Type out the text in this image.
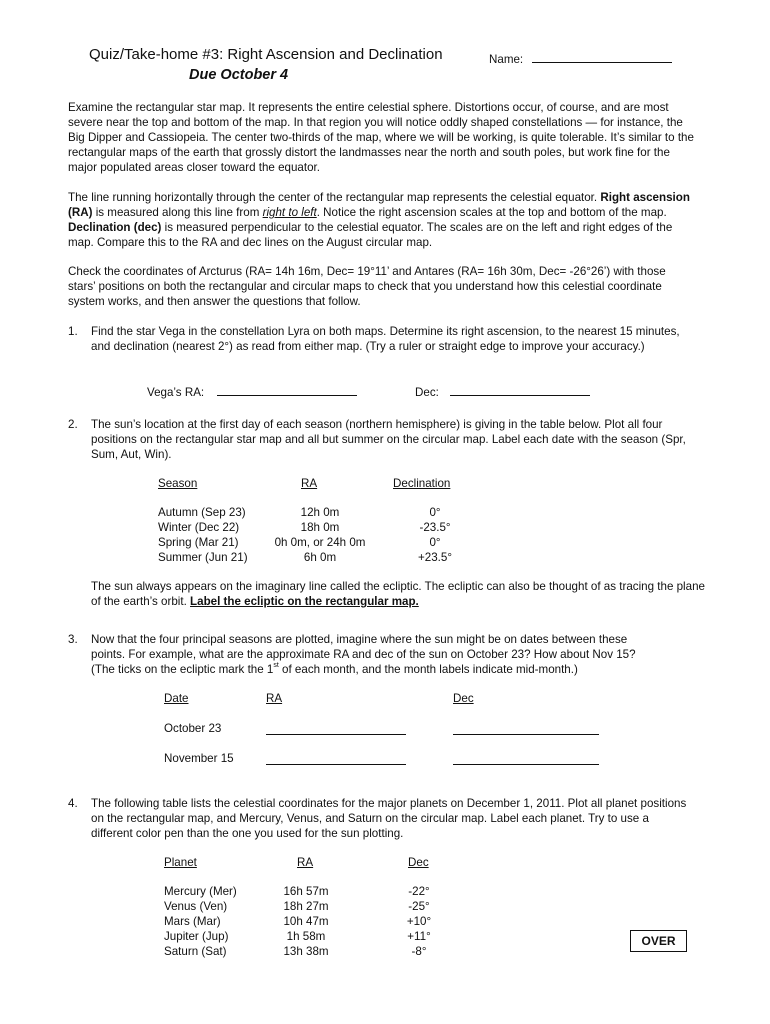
Quiz/Take-home #3: Right Ascension and Declination	Name:
Due October 4
Examine the rectangular star map. It represents the entire celestial sphere. Distortions occur, of course, and are most severe near the top and bottom of the map. In that region you will notice oddly shaped constellations — for instance, the Big Dipper and Cassiopeia. The center two-thirds of the map, where we will be working, is quite tolerable. It’s similar to the rectangular maps of the earth that grossly distort the landmasses near the north and south poles, but work fine for the major populated areas closer toward the equator.
The line running horizontally through the center of the rectangular map represents the celestial equator. Right ascension (RA) is measured along this line from right to left. Notice the right ascension scales at the top and bottom of the map. Declination (dec) is measured perpendicular to the celestial equator. The scales are on the left and right edges of the map. Compare this to the RA and dec lines on the August circular map.
Check the coordinates of Arcturus (RA= 14h 16m, Dec= 19°11’ and Antares (RA= 16h 30m, Dec= -26°26’) with those stars’ positions on both the rectangular and circular maps to check that you understand how this celestial coordinate system works, and then answer the questions that follow.
1. Find the star Vega in the constellation Lyra on both maps. Determine its right ascension, to the nearest 15 minutes, and declination (nearest 2°) as read from either map. (Try a ruler or straight edge to improve your accuracy.)
Vega’s RA:	Dec:
2. The sun’s location at the first day of each season (northern hemisphere) is giving in the table below. Plot all four positions on the rectangular star map and all but summer on the circular map. Label each date with the season (Spr, Sum, Aut, Win).
Season	RA	Declination
Autumn (Sep 23)	12h 0m	0°
Winter (Dec 22)	18h 0m	-23.5°
Spring (Mar 21)	0h 0m, or 24h 0m	0°
Summer (Jun 21)	6h 0m	+23.5°
The sun always appears on the imaginary line called the ecliptic. The ecliptic can also be thought of as tracing the plane of the earth’s orbit. Label the ecliptic on the rectangular map.
3. Now that the four principal seasons are plotted, imagine where the sun might be on dates between these
points. For example, what are the approximate RA and dec of the sun on October 23? How about Nov 15?
(The ticks on the ecliptic mark the 1st of each month, and the month labels indicate mid-month.)
Date	RA	Dec
October 23
November 15
4. The following table lists the celestial coordinates for the major planets on December 1, 2011. Plot all planet positions on the rectangular map, and Mercury, Venus, and Saturn on the circular map. Label each planet. Try to use a different color pen than the one you used for the sun plotting.
Planet	RA	Dec
Mercury (Mer)	16h 57m	-22°
Venus (Ven)	18h 27m	-25°
Mars (Mar)	10h 47m	+10°
Jupiter (Jup)	1h 58m	+11°
Saturn (Sat)	13h 38m	-8°
OVER
